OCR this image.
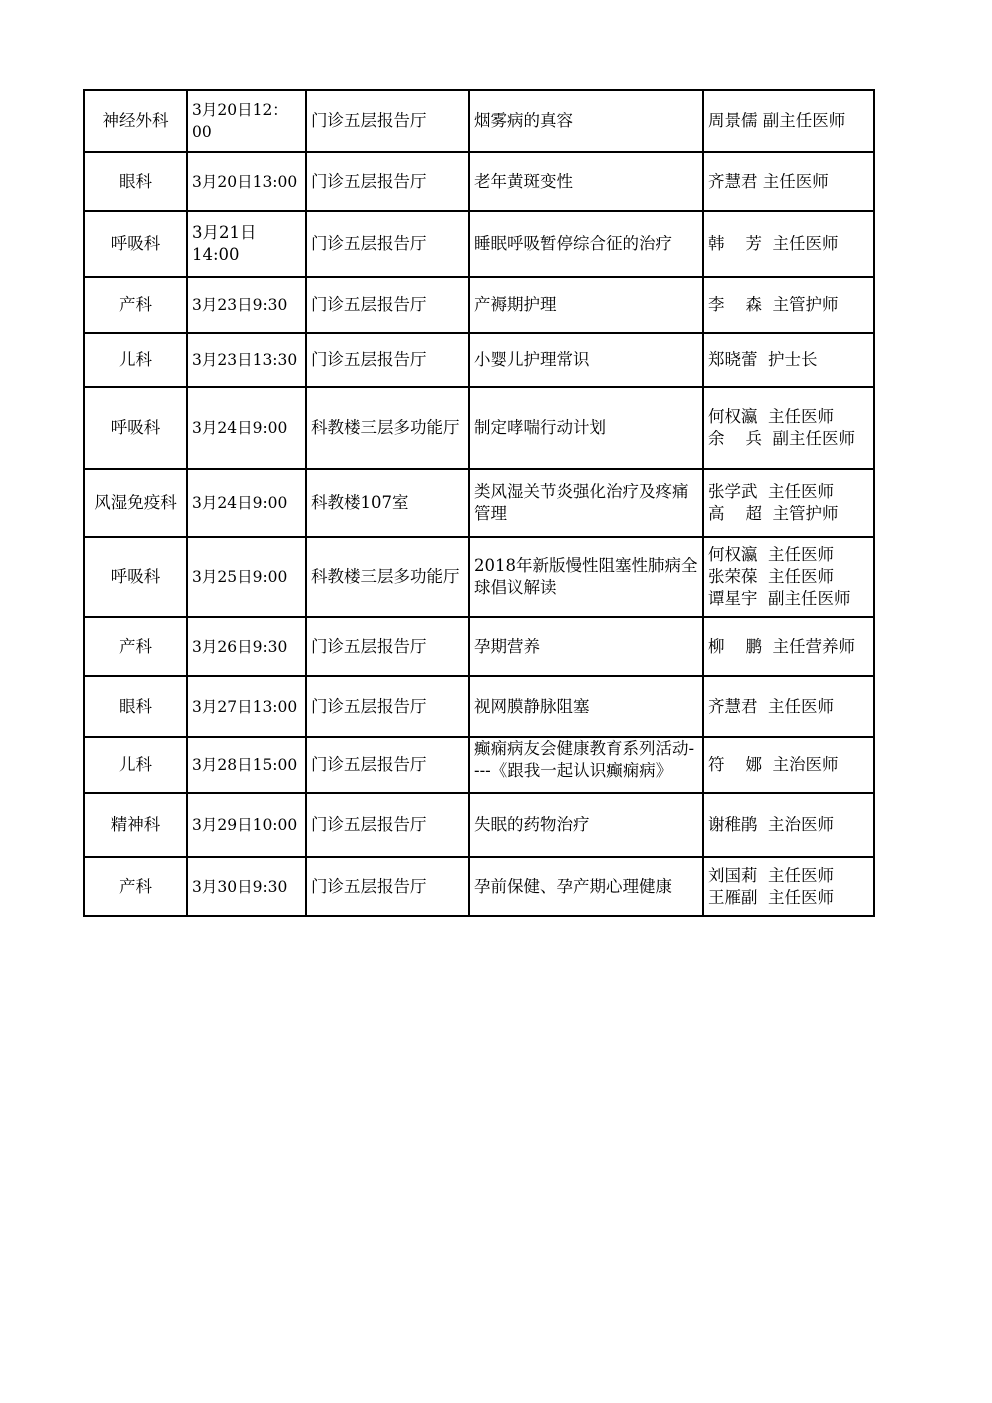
神经外科	3月20日12：00	门诊五层报告厅	烟雾病的真容	周景儒 副主任医师

眼科	3月20日13:00	门诊五层报告厅	老年黄斑变性	齐慧君 主任医师

呼吸科	3月21日14:00	门诊五层报告厅	睡眠呼吸暂停综合征的治疗	韩    芳  主任医师

产科	3月23日9:30	门诊五层报告厅	产褥期护理	李    森  主管护师

儿科	3月23日13:30	门诊五层报告厅	小婴儿护理常识	郑晓蕾  护士长

呼吸科	3月24日9:00	科教楼三层多功能厅	制定哮喘行动计划	何权瀛  主任医师
余    兵  副主任医师

风湿免疫科	3月24日9:00	科教楼107室	类风湿关节炎强化治疗及疼痛管理	张学武  主任医师
高    超  主管护师

呼吸科	3月25日9:00	科教楼三层多功能厅	2018年新版慢性阻塞性肺病全球倡议解读	何权瀛  主任医师
张荣葆  主任医师
谭星宇  副主任医师

产科	3月26日9:30	门诊五层报告厅	孕期营养	柳    鹏  主任营养师

眼科	3月27日13:00	门诊五层报告厅	视网膜静脉阻塞	齐慧君  主任医师

儿科	3月28日15:00	门诊五层报告厅	癫痫病友会健康教育系列活动----《跟我一起认识癫痫病》	符    娜  主治医师

精神科	3月29日10:00	门诊五层报告厅	失眠的药物治疗	谢稚鹃  主治医师

产科	3月30日9:30	门诊五层报告厅	孕前保健、孕产期心理健康	刘国莉  主任医师
王雁副  主任医师
